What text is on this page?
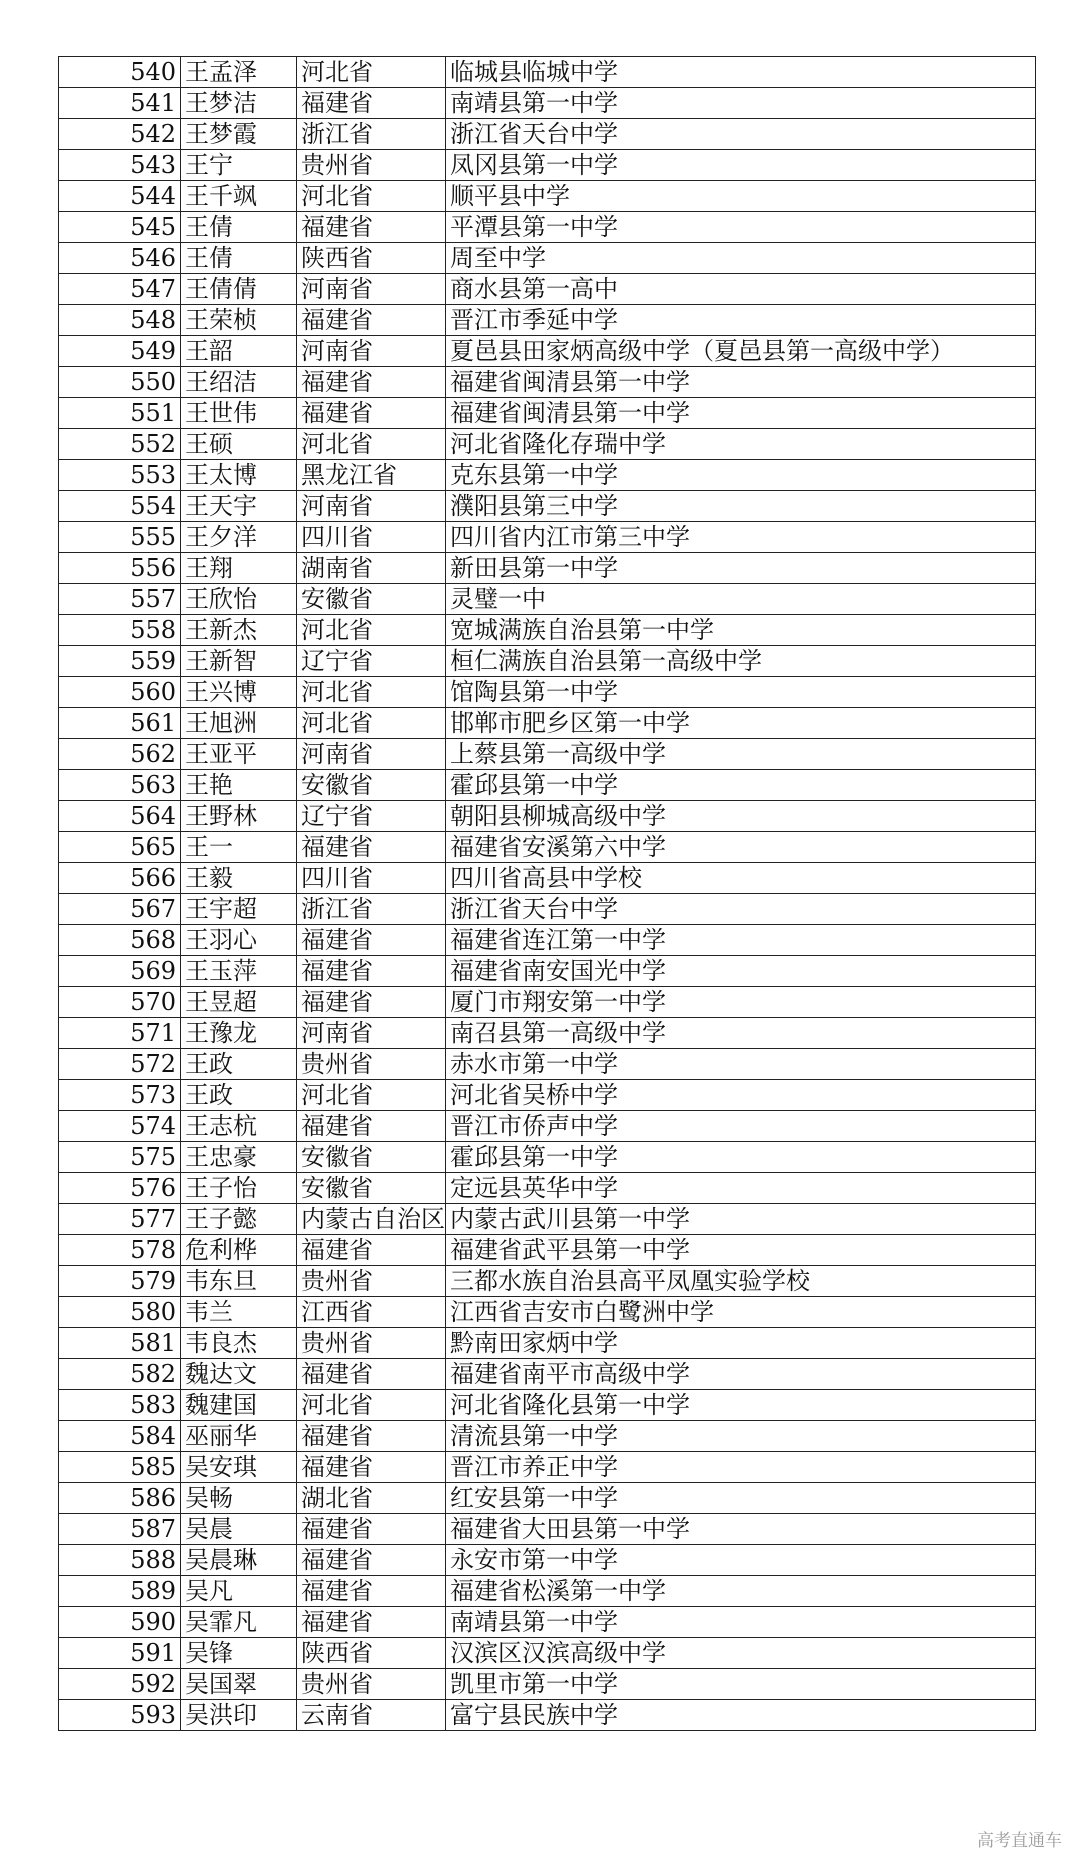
540	王孟泽	河北省	临城县临城中学
541	王梦洁	福建省	南靖县第一中学
542	王梦霞	浙江省	浙江省天台中学
543	王宁	贵州省	凤冈县第一中学
544	王千飒	河北省	顺平县中学
545	王倩	福建省	平潭县第一中学
546	王倩	陕西省	周至中学
547	王倩倩	河南省	商水县第一高中
548	王荣桢	福建省	晋江市季延中学
549	王韶	河南省	夏邑县田家炳高级中学（夏邑县第一高级中学）
550	王绍洁	福建省	福建省闽清县第一中学
551	王世伟	福建省	福建省闽清县第一中学
552	王硕	河北省	河北省隆化存瑞中学
553	王太博	黑龙江省	克东县第一中学
554	王天宇	河南省	濮阳县第三中学
555	王夕洋	四川省	四川省内江市第三中学
556	王翔	湖南省	新田县第一中学
557	王欣怡	安徽省	灵璧一中
558	王新杰	河北省	宽城满族自治县第一中学
559	王新智	辽宁省	桓仁满族自治县第一高级中学
560	王兴博	河北省	馆陶县第一中学
561	王旭洲	河北省	邯郸市肥乡区第一中学
562	王亚平	河南省	上蔡县第一高级中学
563	王艳	安徽省	霍邱县第一中学
564	王野林	辽宁省	朝阳县柳城高级中学
565	王一	福建省	福建省安溪第六中学
566	王毅	四川省	四川省高县中学校
567	王宇超	浙江省	浙江省天台中学
568	王羽心	福建省	福建省连江第一中学
569	王玉萍	福建省	福建省南安国光中学
570	王昱超	福建省	厦门市翔安第一中学
571	王豫龙	河南省	南召县第一高级中学
572	王政	贵州省	赤水市第一中学
573	王政	河北省	河北省吴桥中学
574	王志杭	福建省	晋江市侨声中学
575	王忠豪	安徽省	霍邱县第一中学
576	王子怡	安徽省	定远县英华中学
577	王子懿	内蒙古自治区	内蒙古武川县第一中学
578	危利桦	福建省	福建省武平县第一中学
579	韦东旦	贵州省	三都水族自治县高平凤凰实验学校
580	韦兰	江西省	江西省吉安市白鹭洲中学
581	韦良杰	贵州省	黔南田家炳中学
582	魏达文	福建省	福建省南平市高级中学
583	魏建国	河北省	河北省隆化县第一中学
584	巫丽华	福建省	清流县第一中学
585	吴安琪	福建省	晋江市养正中学
586	吴畅	湖北省	红安县第一中学
587	吴晨	福建省	福建省大田县第一中学
588	吴晨琳	福建省	永安市第一中学
589	吴凡	福建省	福建省松溪第一中学
590	吴霏凡	福建省	南靖县第一中学
591	吴锋	陕西省	汉滨区汉滨高级中学
592	吴国翠	贵州省	凯里市第一中学
593	吴洪印	云南省	富宁县民族中学
高考直通车
